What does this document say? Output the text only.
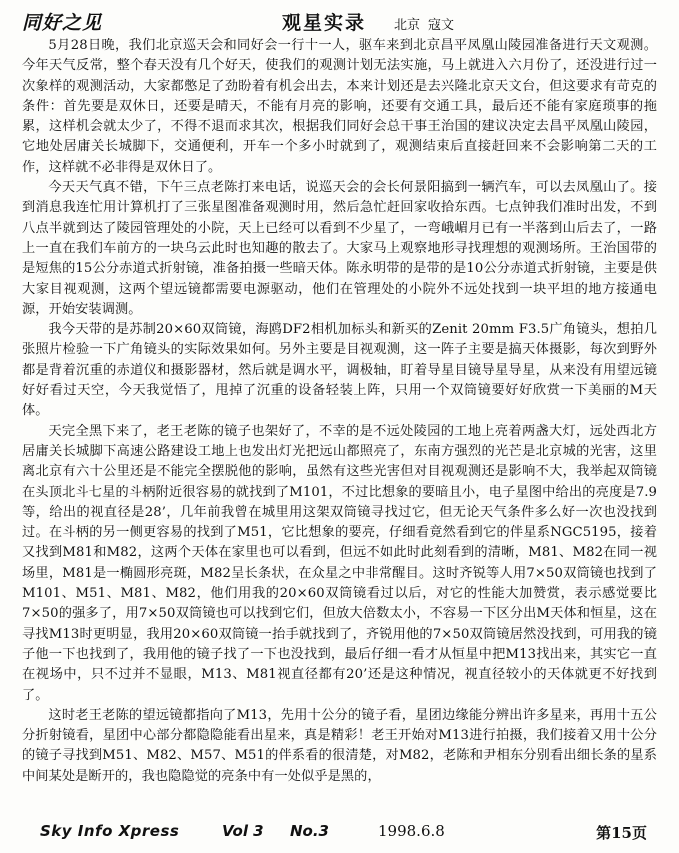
同好之见	观星实录 北京 寇文

5月28日晚，我们北京巡天会和同好会一行十一人，驱车来到北京昌平凤凰山陵园准备进行天文观测。今年天气反常，整个春天没有几个好天，使我们的观测计划无法实施，马上就进入六月份了，还没进行过一次象样的观测活动，大家都憋足了劲盼着有机会出去，本来计划还是去兴隆北京天文台，但这要求有苛克的条件：首先要是双休日，还要是晴天，不能有月亮的影响，还要有交通工具，最后还不能有家庭琐事的拖累，这样机会就太少了，不得不退而求其次，根据我们同好会总干事王治国的建议决定去昌平凤凰山陵园，它地处居庸关长城脚下，交通便利，开车一个多小时就到了，观测结束后直接赶回来不会影响第二天的工作，这样就不必非得是双休日了。

今天天气真不错，下午三点老陈打来电话，说巡天会的会长何景阳搞到一辆汽车，可以去凤凰山了。接到消息我连忙用计算机打了三张星图准备观测时用，然后急忙赶回家收拾东西。七点钟我们准时出发，不到八点半就到达了陵园管理处的小院，天上已经可以看到不少星了，一弯峨嵋月已有一半落到山后去了，一路上一直在我们车前方的一块乌云此时也知趣的散去了。大家马上观察地形寻找理想的观测场所。王治国带的是短焦的15公分赤道式折射镜，准备拍摄一些暗天体。陈永明带的是带的是10公分赤道式折射镜，主要是供大家目视观测，这两个望远镜都需要电源驱动，他们在管理处的小院外不远处找到一块平坦的地方接通电源，开始安装调测。

我今天带的是苏制20×60双筒镜，海鸥DF2相机加标头和新买的Zenit 20mm F3.5广角镜头，想拍几张照片检验一下广角镜头的实际效果如何。另外主要是目视观测，这一阵子主要是搞天体摄影，每次到野外都是背着沉重的赤道仪和摄影器材，然后就是调水平，调极轴，盯着导星目镜导星导星，从来没有用望远镜好好看过天空，今天我觉悟了，甩掉了沉重的设备轻装上阵，只用一个双筒镜要好好欣赏一下美丽的M天体。

天完全黑下来了，老王老陈的镜子也架好了，不幸的是不远处陵园的工地上亮着两盏大灯，远处西北方居庸关长城脚下高速公路建设工地上也发出灯光把远山都照亮了，东南方强烈的光芒是北京城的光害，这里离北京有六十公里还是不能完全摆脱他的影响，虽然有这些光害但对目视观测还是影响不大，我举起双筒镜在头顶北斗七星的斗柄附近很容易的就找到了M101，不过比想象的要暗且小，电子星图中给出的亮度是7.9等，给出的视直径是28’，几年前我曾在城里用这架双筒镜寻找过它，但无论天气条件多么好一次也没找到过。在斗柄的另一侧更容易的找到了M51，它比想象的要亮，仔细看竟然看到它的伴星系NGC5195，接着又找到M81和M82，这两个天体在家里也可以看到，但远不如此时此刻看到的清晰，M81、M82在同一视场里，M81是一椭圆形亮斑，M82呈长条状，在众星之中非常醒目。这时齐锐等人用7×50双筒镜也找到了M101、M51、M81、M82，他们用我的20×60双筒镜看过以后，对它的性能大加赞赏，表示感觉要比7×50的强多了，用7×50双筒镜也可以找到它们，但放大倍数太小，不容易一下区分出M天体和恒星，这在寻找M13时更明显，我用20×60双筒镜一抬手就找到了，齐锐用他的7×50双筒镜居然没找到，可用我的镜子他一下也找到了，我用他的镜子找了一下也没找到，最后仔细一看才从恒星中把M13找出来，其实它一直在视场中，只不过并不显眼，M13、M81视直径都有20’还是这种情况，视直径较小的天体就更不好找到了。

这时老王老陈的望远镜都指向了M13，先用十公分的镜子看，星团边缘能分辨出许多星来，再用十五公分折射镜看，星团中心部分都隐隐能看出星来，真是精彩！老王开始对M13进行拍摄，我们接着又用十公分的镜子寻找到M51、M82、M57、M51的伴系看的很清楚，对M82，老陈和尹相东分别看出细长条的星系中间某处是断开的，我也隐隐觉的亮条中有一处似乎是黑的，

Sky Info Xpress	Vol 3 No.3	1998.6.8	第15页
